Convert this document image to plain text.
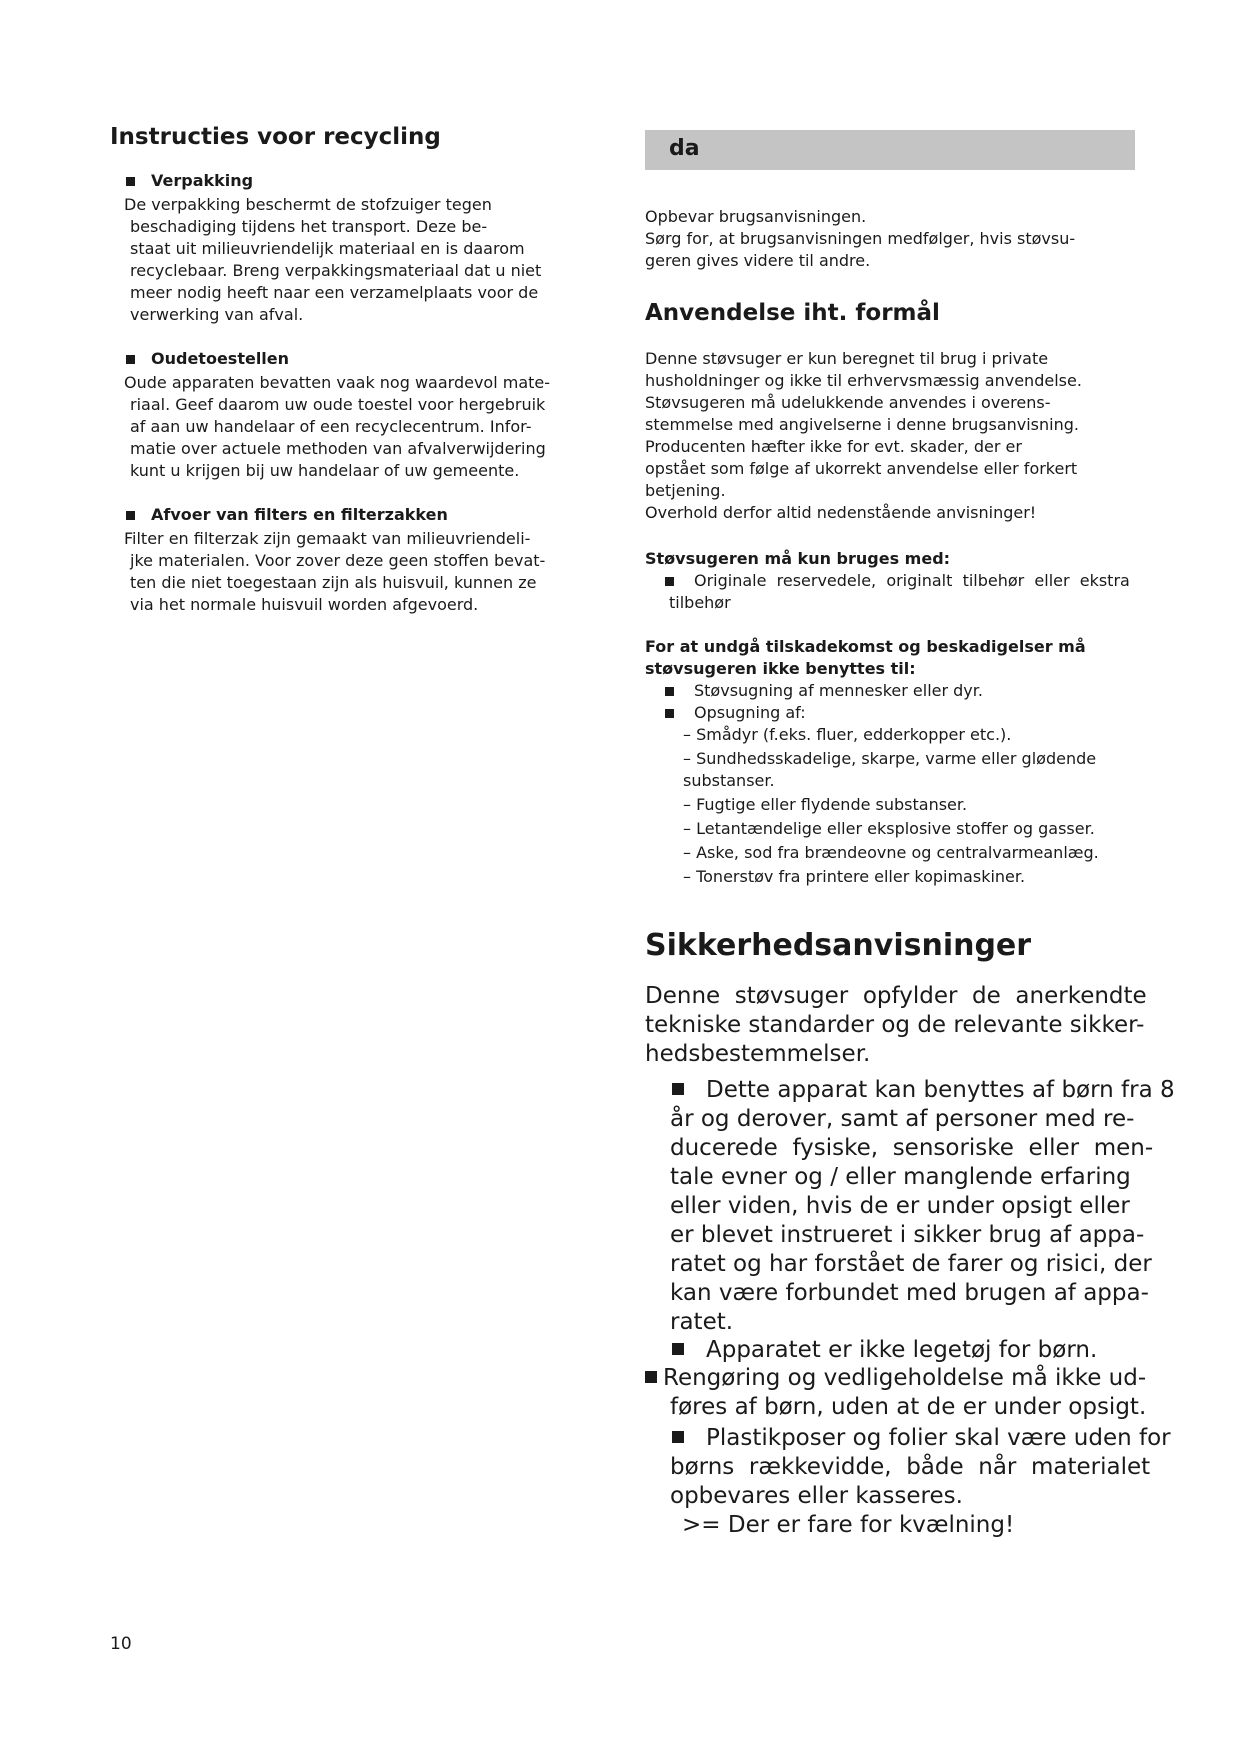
Instructies voor recycling
Verpakking
De verpakking beschermt de stofzuiger tegen
beschadiging tijdens het transport. Deze be-
staat uit milieuvriendelijk materiaal en is daarom
recyclebaar. Breng verpakkingsmateriaal dat u niet
meer nodig heeft naar een verzamelplaats voor de
verwerking van afval.
Oudetoestellen
Oude apparaten bevatten vaak nog waardevol mate-
riaal. Geef daarom uw oude toestel voor hergebruik
af aan uw handelaar of een recyclecentrum. Infor-
matie over actuele methoden van afvalverwijdering
kunt u krijgen bij uw handelaar of uw gemeente.
Afvoer van filters en filterzakken
Filter en filterzak zijn gemaakt van milieuvriendeli-
jke materialen. Voor zover deze geen stoffen bevat-
ten die niet toegestaan zijn als huisvuil, kunnen ze
via het normale huisvuil worden afgevoerd.
da
Opbevar brugsanvisningen.
Sørg for, at brugsanvisningen medfølger, hvis støvsu-
geren gives videre til andre.
Anvendelse iht. formål
Denne støvsuger er kun beregnet til brug i private
husholdninger og ikke til erhvervsmæssig anvendelse.
Støvsugeren må udelukkende anvendes i overens-
stemmelse med angivelserne i denne brugsanvisning.
Producenten hæfter ikke for evt. skader, der er
opstået som følge af ukorrekt anvendelse eller forkert
betjening.
Overhold derfor altid nedenstående anvisninger!
Støvsugeren må kun bruges med:
Originale  reservedele,  originalt  tilbehør  eller  ekstra
tilbehør
For at undgå tilskadekomst og beskadigelser må
støvsugeren ikke benyttes til:
Støvsugning af mennesker eller dyr.
Opsugning af:
– Smådyr (f.eks. fluer, edderkopper etc.).
– Sundhedsskadelige, skarpe, varme eller glødende
substanser.
– Fugtige eller flydende substanser.
– Letantændelige eller eksplosive stoffer og gasser.
– Aske, sod fra brændeovne og centralvarmeanlæg.
– Tonerstøv fra printere eller kopimaskiner.
Sikkerhedsanvisninger
Denne  støvsuger  opfylder  de  anerkendte
tekniske standarder og de relevante sikker-
hedsbestemmelser.
Dette apparat kan benyttes af børn fra 8
år og derover, samt af personer med re-
ducerede  fysiske,  sensoriske  eller  men-
tale evner og / eller manglende erfaring
eller viden, hvis de er under opsigt eller
er blevet instrueret i sikker brug af appa-
ratet og har forstået de farer og risici, der
kan være forbundet med brugen af appa-
ratet.
Apparatet er ikke legetøj for børn.
Rengøring og vedligeholdelse må ikke ud-
føres af børn, uden at de er under opsigt.
Plastikposer og folier skal være uden for
børns  rækkevidde,  både  når  materialet
opbevares eller kasseres.
>= Der er fare for kvælning!
10
